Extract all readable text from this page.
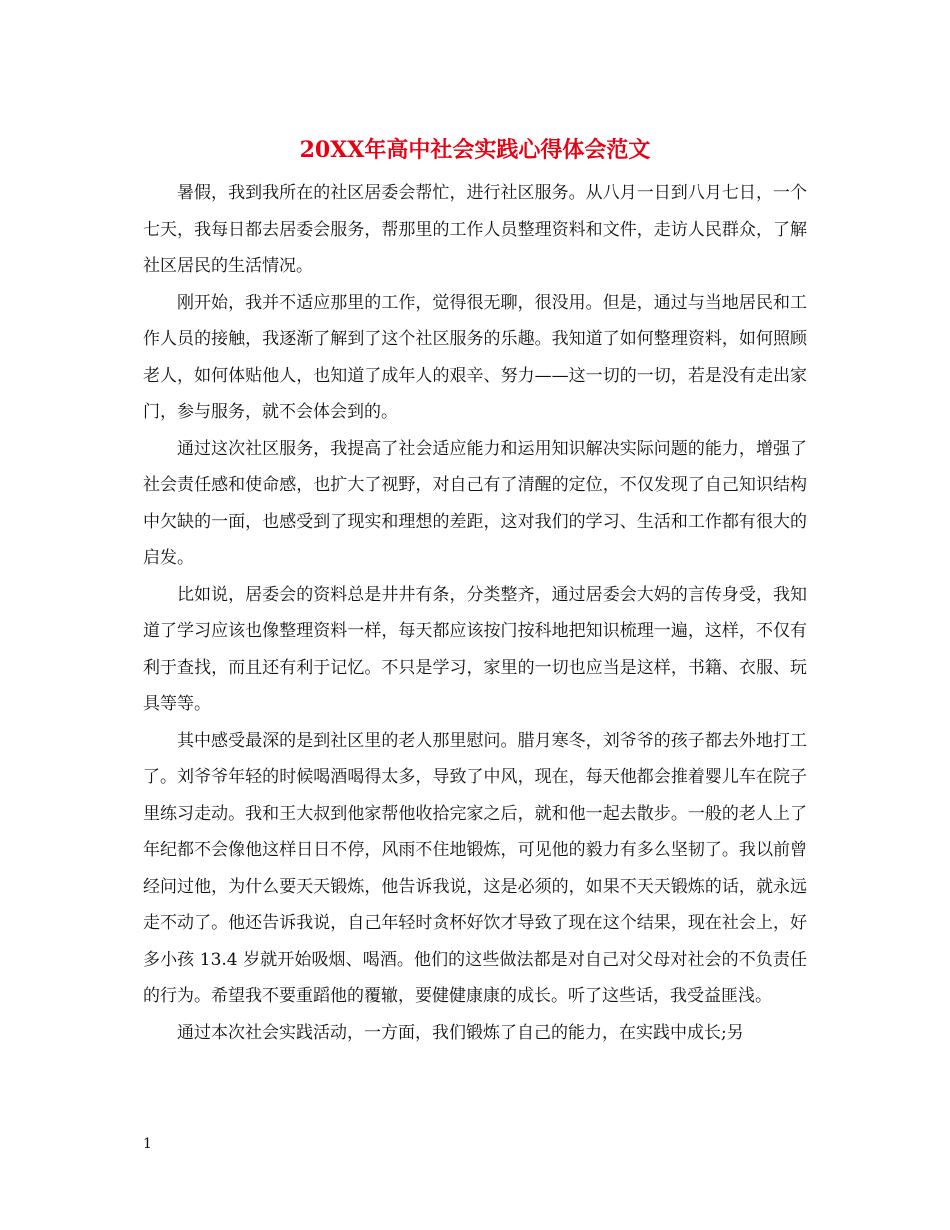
20XX年高中社会实践心得体会范文

暑假，我到我所在的社区居委会帮忙，进行社区服务。从八月一日到八月七日，一个七天，我每日都去居委会服务，帮那里的工作人员整理资料和文件，走访人民群众，了解社区居民的生活情况。

刚开始，我并不适应那里的工作，觉得很无聊，很没用。但是，通过与当地居民和工作人员的接触，我逐渐了解到了这个社区服务的乐趣。我知道了如何整理资料，如何照顾老人，如何体贴他人，也知道了成年人的艰辛、努力——这一切的一切，若是没有走出家门，参与服务，就不会体会到的。

通过这次社区服务，我提高了社会适应能力和运用知识解决实际问题的能力，增强了社会责任感和使命感，也扩大了视野，对自己有了清醒的定位，不仅发现了自己知识结构中欠缺的一面，也感受到了现实和理想的差距，这对我们的学习、生活和工作都有很大的启发。

比如说，居委会的资料总是井井有条，分类整齐，通过居委会大妈的言传身受，我知道了学习应该也像整理资料一样，每天都应该按门按科地把知识梳理一遍，这样，不仅有利于查找，而且还有利于记忆。不只是学习，家里的一切也应当是这样，书籍、衣服、玩具等等。

其中感受最深的是到社区里的老人那里慰问。腊月寒冬，刘爷爷的孩子都去外地打工了。刘爷爷年轻的时候喝酒喝得太多，导致了中风，现在，每天他都会推着婴儿车在院子里练习走动。我和王大叔到他家帮他收拾完家之后，就和他一起去散步。一般的老人上了年纪都不会像他这样日日不停，风雨不住地锻炼，可见他的毅力有多么坚韧了。我以前曾经问过他，为什么要天天锻炼，他告诉我说，这是必须的，如果不天天锻炼的话，就永远走不动了。他还告诉我说，自己年轻时贪杯好饮才导致了现在这个结果，现在社会上，好多小孩 13.4 岁就开始吸烟、喝酒。他们的这些做法都是对自己对父母对社会的不负责任的行为。希望我不要重蹈他的覆辙，要健健康康的成长。听了这些话，我受益匪浅。

通过本次社会实践活动，一方面，我们锻炼了自己的能力，在实践中成长;另

1
